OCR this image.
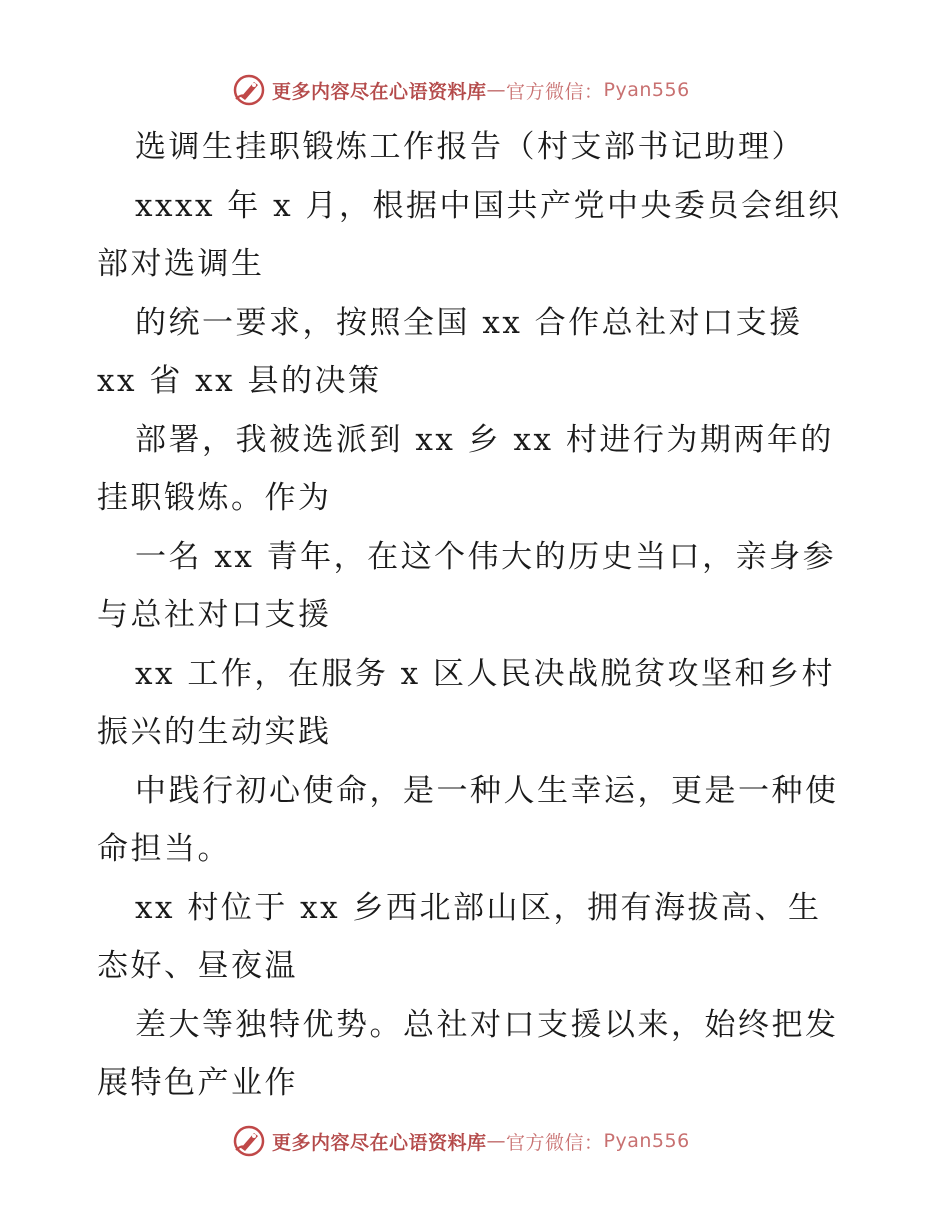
更多内容尽在心语资料库 — 官方微信： Pyan556

选调生挂职锻炼工作报告（村支部书记助理）

xxxx 年 x 月，根据中国共产党中央委员会组织

部对选调生

的统一要求，按照全国 xx 合作总社对口支援

xx 省 xx 县的决策

部署，我被选派到 xx 乡 xx 村进行为期两年的

挂职锻炼。作为

一名 xx 青年，在这个伟大的历史当口，亲身参

与总社对口支援

xx 工作，在服务 x 区人民决战脱贫攻坚和乡村

振兴的生动实践

中践行初心使命，是一种人生幸运，更是一种使

命担当。

xx 村位于 xx 乡西北部山区，拥有海拔高、生

态好、昼夜温

差大等独特优势。总社对口支援以来，始终把发

展特色产业作

更多内容尽在心语资料库 — 官方微信： Pyan556
